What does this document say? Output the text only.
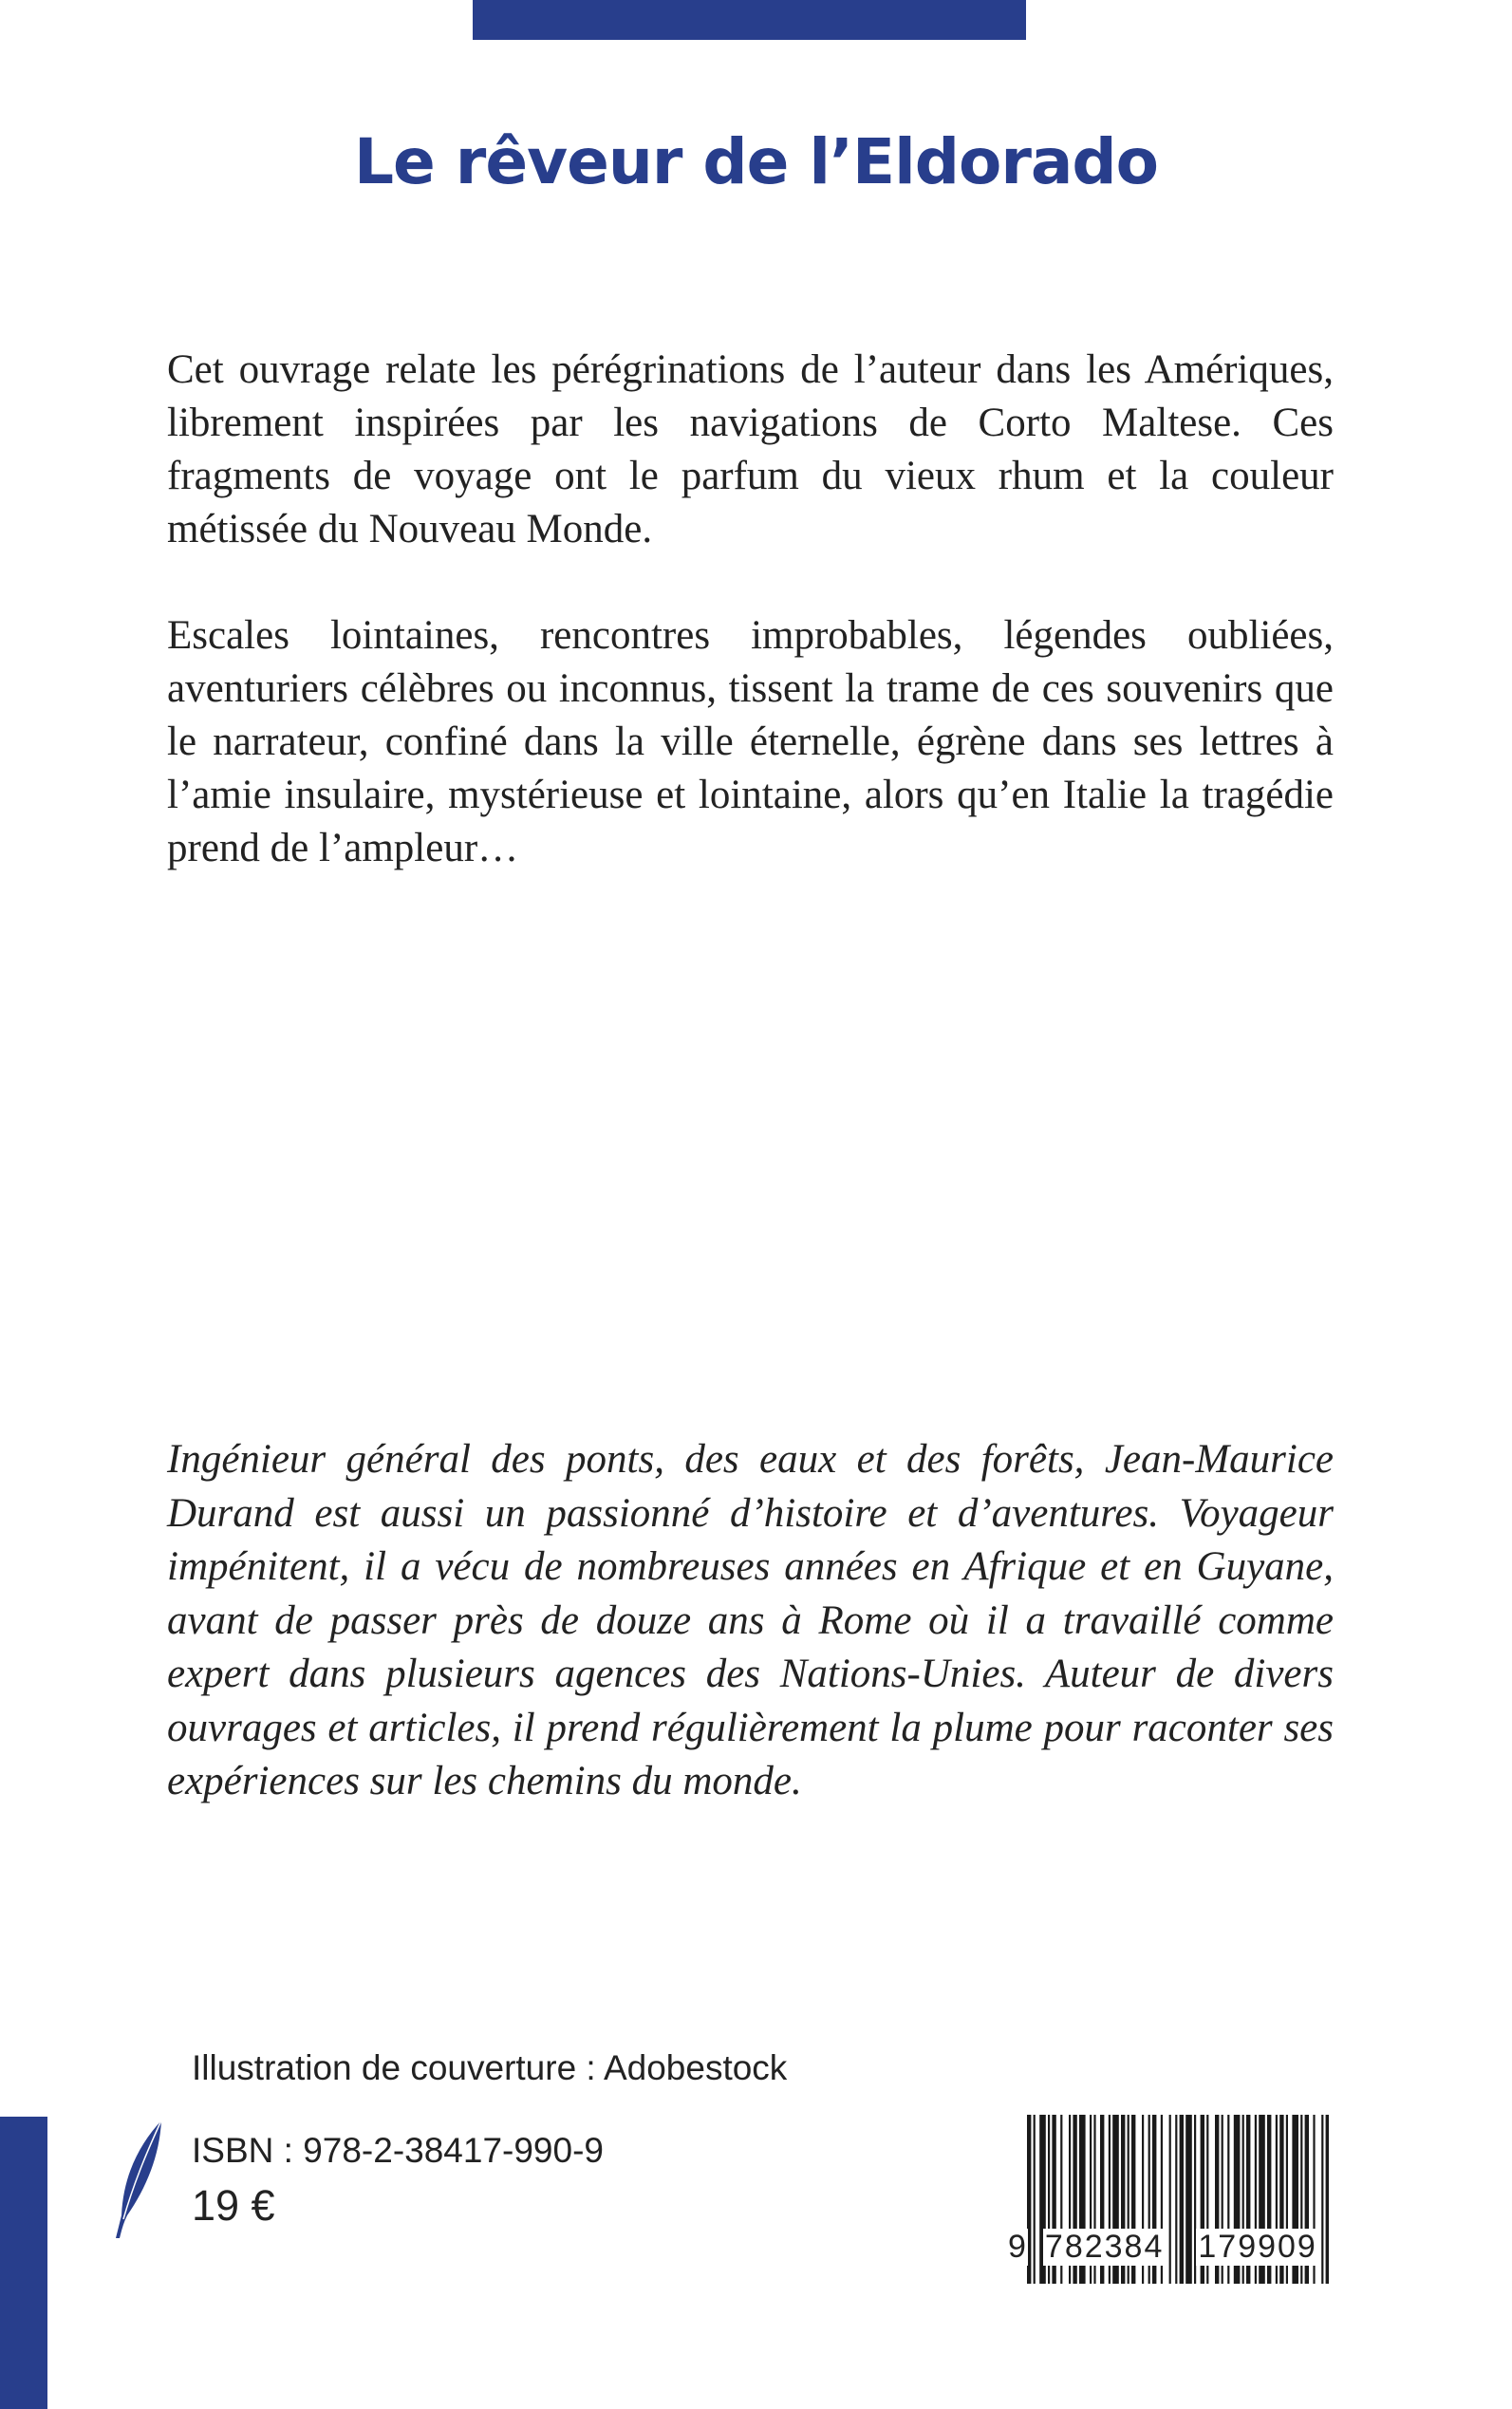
Le rêveur de l’Eldorado

Cet ouvrage relate les pérégrinations de l’auteur dans les Amériques, librement inspirées par les navigations de Corto Maltese. Ces fragments de voyage ont le parfum du vieux rhum et la couleur métissée du Nouveau Monde.

Escales lointaines, rencontres improbables, légendes oubliées, aventuriers célèbres ou inconnus, tissent la trame de ces souvenirs que le narrateur, confiné dans la ville éternelle, égrène dans ses lettres à l’amie insulaire, mystérieuse et lointaine, alors qu’en Italie la tragédie prend de l’ampleur…

Ingénieur général des ponts, des eaux et des forêts, Jean-Maurice Durand est aussi un passionné d’histoire et d’aventures. Voyageur impénitent, il a vécu de nombreuses années en Afrique et en Guyane, avant de passer près de douze ans à Rome où il a travaillé comme expert dans plusieurs agences des Nations-Unies. Auteur de divers ouvrages et articles, il prend régulièrement la plume pour raconter ses expériences sur les chemins du monde.

Illustration de couverture : Adobestock

ISBN : 978-2-38417-990-9

19 €

9 782384 179909
